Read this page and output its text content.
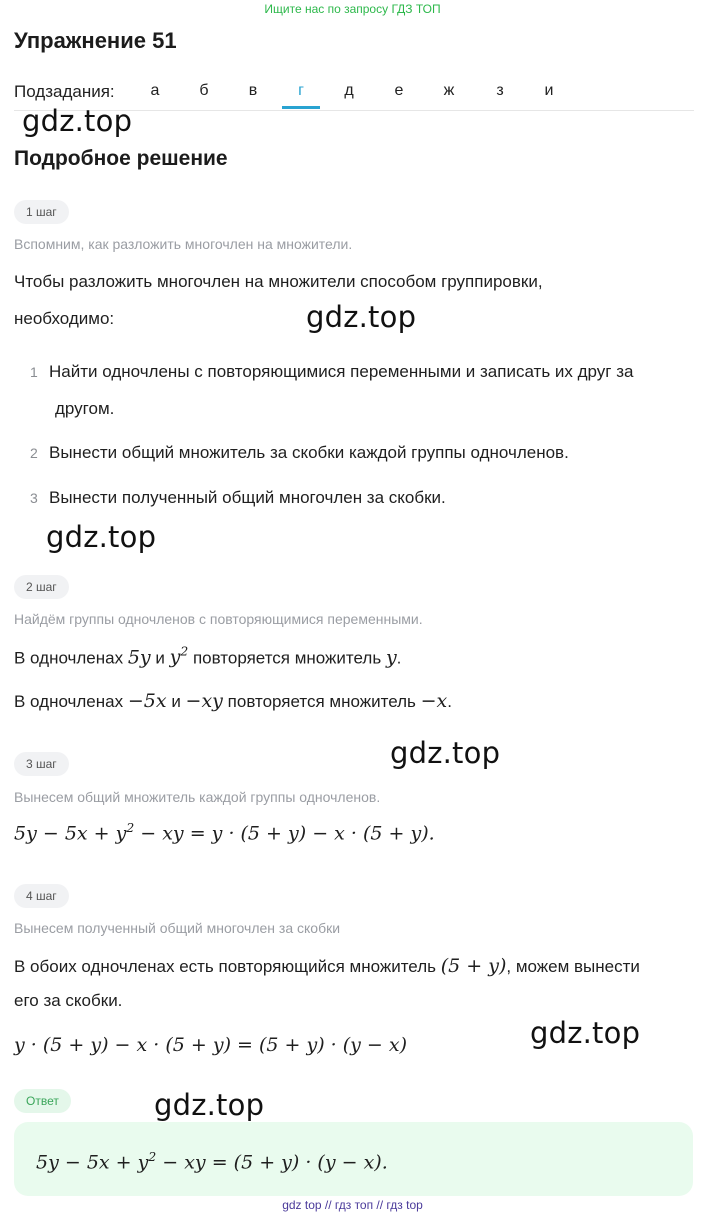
Ищите нас по запросу ГДЗ ТОП
Упражнение 51
Подзадания:	а	б	в	г	д	е	ж	з	и
gdz.top
Подробное решение
1 шаг
Вспомним, как разложить многочлен на множители.
Чтобы разложить многочлен на множители способом группировки,
необходимо:	gdz.top
1 Найти одночлены с повторяющимися переменными и записать их друг за
другом.
2 Вынести общий множитель за скобки каждой группы одночленов.
3 Вынести полученный общий многочлен за скобки.
gdz.top
2 шаг
Найдём группы одночленов с повторяющимися переменными.
В одночленах 5y и $y^2$ повторяется множитель y.
В одночленах −5x и −xy повторяется множитель −x.
gdz.top
3 шаг
Вынесем общий множитель каждой группы одночленов.
$5y - 5x + y^2$ − xy = y · (5 + y) − x · (5 + y).
4 шаг
Вынесем полученный общий многочлен за скобки
В обоих одночленах есть повторяющийся множитель (5 + y), можем вынести
его за скобки.
y · (5 + y) − x · (5 + y) = (5 + y) · (y − x)	gdz.top
Ответ	gdz.top
$5y - 5x + y^2$ − xy = (5 + y) · (y − x).
gdz top // гдз топ // гдз top
